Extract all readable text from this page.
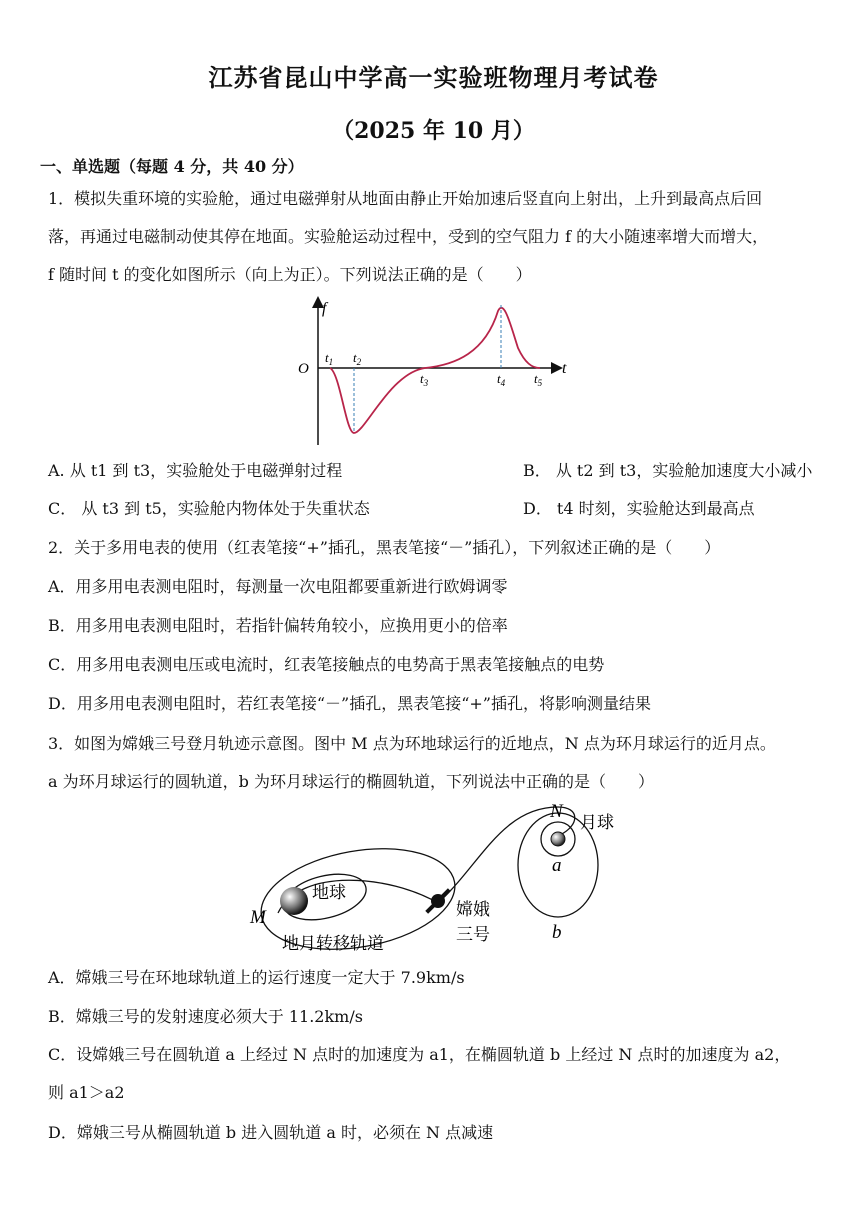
江苏省昆山中学高一实验班物理月考试卷
（2025 年 10 月）
一、单选题（每题 4 分，共 40 分）
1．模拟失重环境的实验舱，通过电磁弹射从地面由静止开始加速后竖直向上射出，上升到最高点后回
落，再通过电磁制动使其停在地面。实验舱运动过程中，受到的空气阻力 f 的大小随速率增大而增大，
f 随时间 t 的变化如图所示（向上为正）。下列说法正确的是（　　）
f
t
O
$t_1$ $t_2$
$t_3$	$t_4$ $t_5$
A. 从 t1 到 t3，实验舱处于电磁弹射过程	B． 从 t2 到 t3，实验舱加速度大小减小
C． 从 t3 到 t5，实验舱内物体处于失重状态	D． t4 时刻，实验舱达到最高点
2．关于多用电表的使用（红表笔接“+”插孔，黑表笔接“－”插孔），下列叙述正确的是（　　）
A．用多用电表测电阻时，每测量一次电阻都要重新进行欧姆调零
B．用多用电表测电阻时，若指针偏转角较小，应换用更小的倍率
C．用多用电表测电压或电流时，红表笔接触点的电势高于黑表笔接触点的电势
D．用多用电表测电阻时，若红表笔接“－”插孔，黑表笔接“+”插孔，将影响测量结果
3．如图为嫦娥三号登月轨迹示意图。图中 M 点为环地球运行的近地点，N 点为环月球运行的近月点。
a 为环月球运行的圆轨道，b 为环月球运行的椭圆轨道，下列说法中正确的是（　　）
地球
月球
地月转移轨道
嫦娥
三号
M
N
a
b
A．嫦娥三号在环地球轨道上的运行速度一定大于 7.9km/s
B．嫦娥三号的发射速度必须大于 11.2km/s
C．设嫦娥三号在圆轨道 a 上经过 N 点时的加速度为 a1，在椭圆轨道 b 上经过 N 点时的加速度为 a2，
则 a1＞a2
D．嫦娥三号从椭圆轨道 b 进入圆轨道 a 时，必须在 N 点减速
